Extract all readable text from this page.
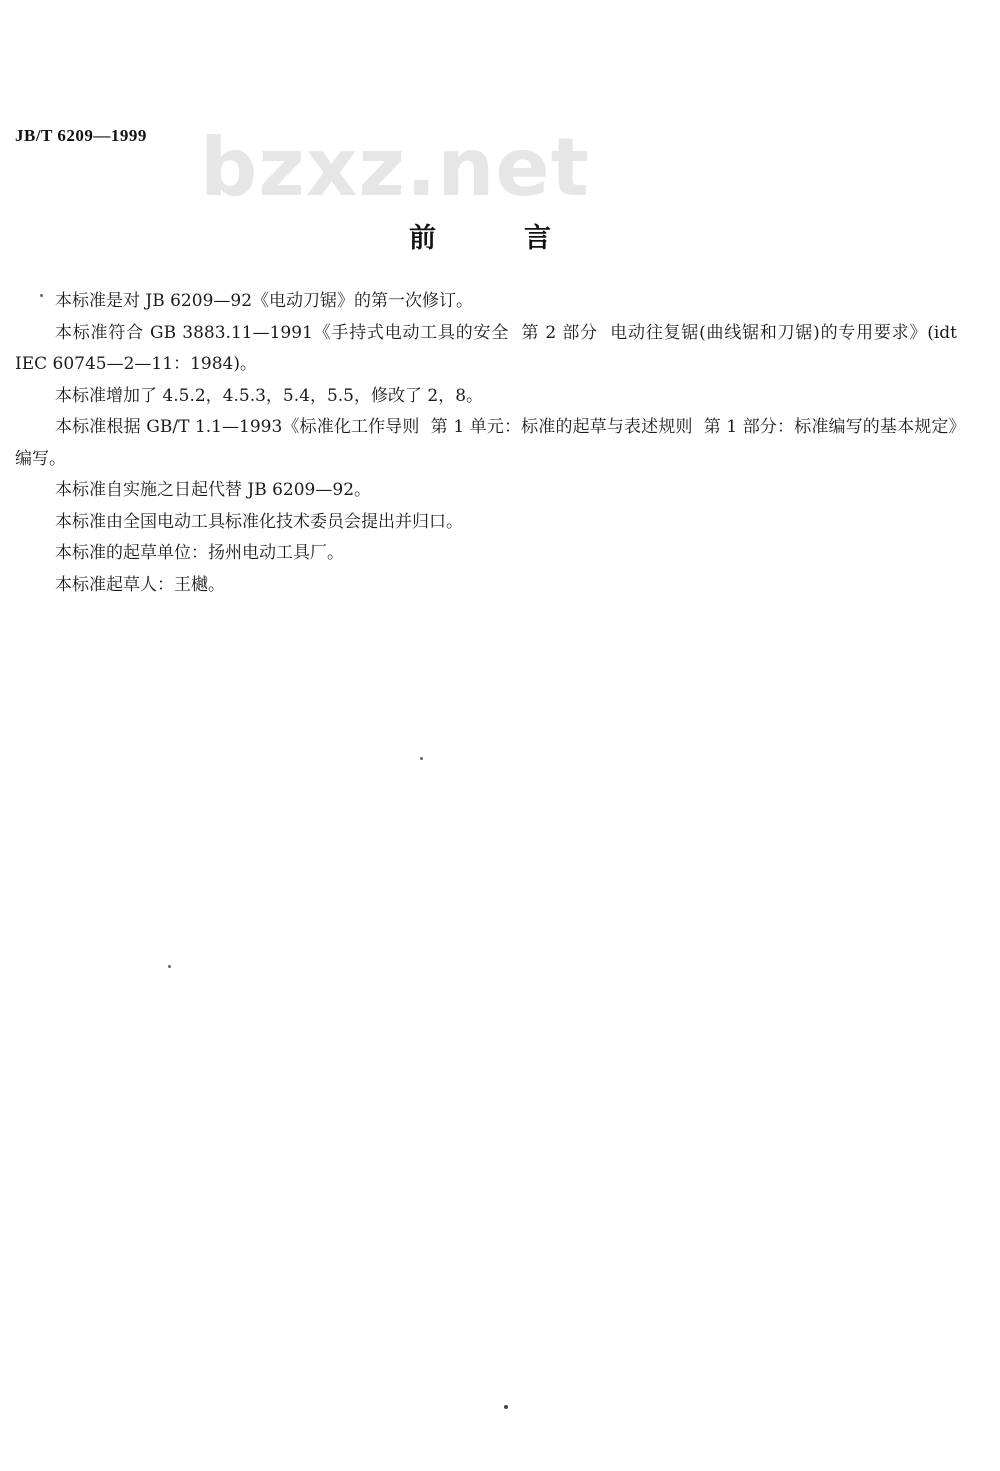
JB/T 6209—1999 bzxz.net
前言

本标准是对 JB 6209—92《电动刀锯》的第一次修订。

本标准符合 GB 3883.11—1991《手持式电动工具的安全  第 2 部分  电动往复锯(曲线锯和刀锯)的专用要求》(idt IEC 60745—2—11：1984)。

本标准增加了 4.5.2，4.5.3，5.4，5.5，修改了 2，8。

本标准根据 GB/T 1.1—1993《标准化工作导则  第 1 单元：标准的起草与表述规则  第 1 部分：标准编写的基本规定》编写。

本标准自实施之日起代替 JB 6209—92。

本标准由全国电动工具标准化技术委员会提出并归口。

本标准的起草单位：扬州电动工具厂。

本标准起草人：王樾。
